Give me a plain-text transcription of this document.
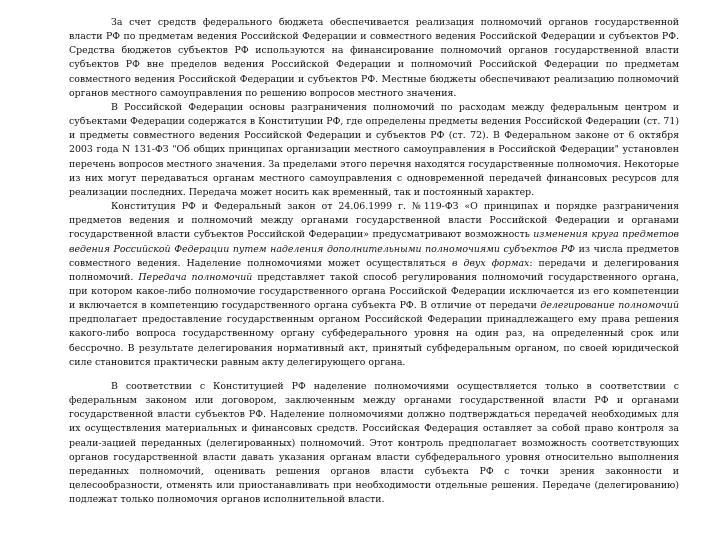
За счет средств федерального бюджета обеспечивается реализация полномочий органов государственной власти РФ по предметам ведения Российской Федерации и совместного ведения Российской Федерации и субъектов РФ. Средства бюджетов субъектов РФ используются на финансирование полномочий органов государственной власти субъектов РФ вне пределов ведения Российской Федерации и полномочий Российской Федерации по предметам совместного ведения Российской Федерации и субъектов РФ. Местные бюджеты обеспечивают реализацию полномочий органов местного самоуправления по решению вопросов местного значения.

В Российской Федерации основы разграничения полномочий по расходам между федеральным центром и субъектами Федерации содержатся в Конституции РФ, где определены предметы ведения Российской Федерации (ст. 71) и предметы совместного ведения Российской Федерации и субъектов РФ (ст. 72). В Федеральном законе от 6 октября 2003 года N 131-ФЗ "Об общих принципах организации местного самоуправления в Российской Федерации" установлен перечень вопросов местного значения. За пределами этого перечня находятся государственные полномочия. Некоторые из них могут передаваться органам местного самоуправления с одновременной передачей финансовых ресурсов для реализации последних. Передача может носить как временный, так и постоянный характер.

Конституция РФ и Федеральный закон от 24.06.1999 г. №119-ФЗ «О принципах и порядке разграничения предметов ведения и полномочий между органами государственной власти Российской Федерации и органами государственной власти субъектов Российской Федерации» предусматривают возможность изменения круга предметов ведения Российской Федерации путем наделения дополнительными полномочиями субъектов РФ из числа предметов совместного ведения. Наделение полномочиями может осуществляться в двух формах: передачи и делегирования полномочий. Передача полномочий представляет такой способ регулирования полномочий государственного органа, при котором какое-либо полномочие государственного органа Российской Федерации исключается из его компетенции и включается в компетенцию государственного органа субъекта РФ. В отличие от передачи делегирование полномочий предполагает предоставление государственным органом Российской Федерации принадлежащего ему права решения какого-либо вопроса государственному органу субфедерального уровня на один раз, на определенный срок или бессрочно. В результате делегирования нормативный акт, принятый субфедеральным органом, по своей юридической силе становится практически равным акту делегирующего органа.

В соответствии с Конституцией РФ наделение полномочиями осуществляется только в соответствии с федеральным законом или договором, заключенным между органами государственной власти РФ и органами государственной власти субъектов РФ. Наделение полномочиями должно подтверждаться передачей необходимых для их осуществления материальных и финансовых средств. Российская Федерация оставляет за собой право контроля за реали-зацией переданных (делегированных) полномочий. Этот контроль предполагает возможность соответствующих органов государственной власти давать указания органам власти субфедерального уровня относительно выполнения переданных полномочий, оценивать решения органов власти субъекта РФ с точки зрения законности и целесообразности, отменять или приостанавливать при необходимости отдельные решения. Передаче (делегированию) подлежат только полномочия органов исполнительной власти.
